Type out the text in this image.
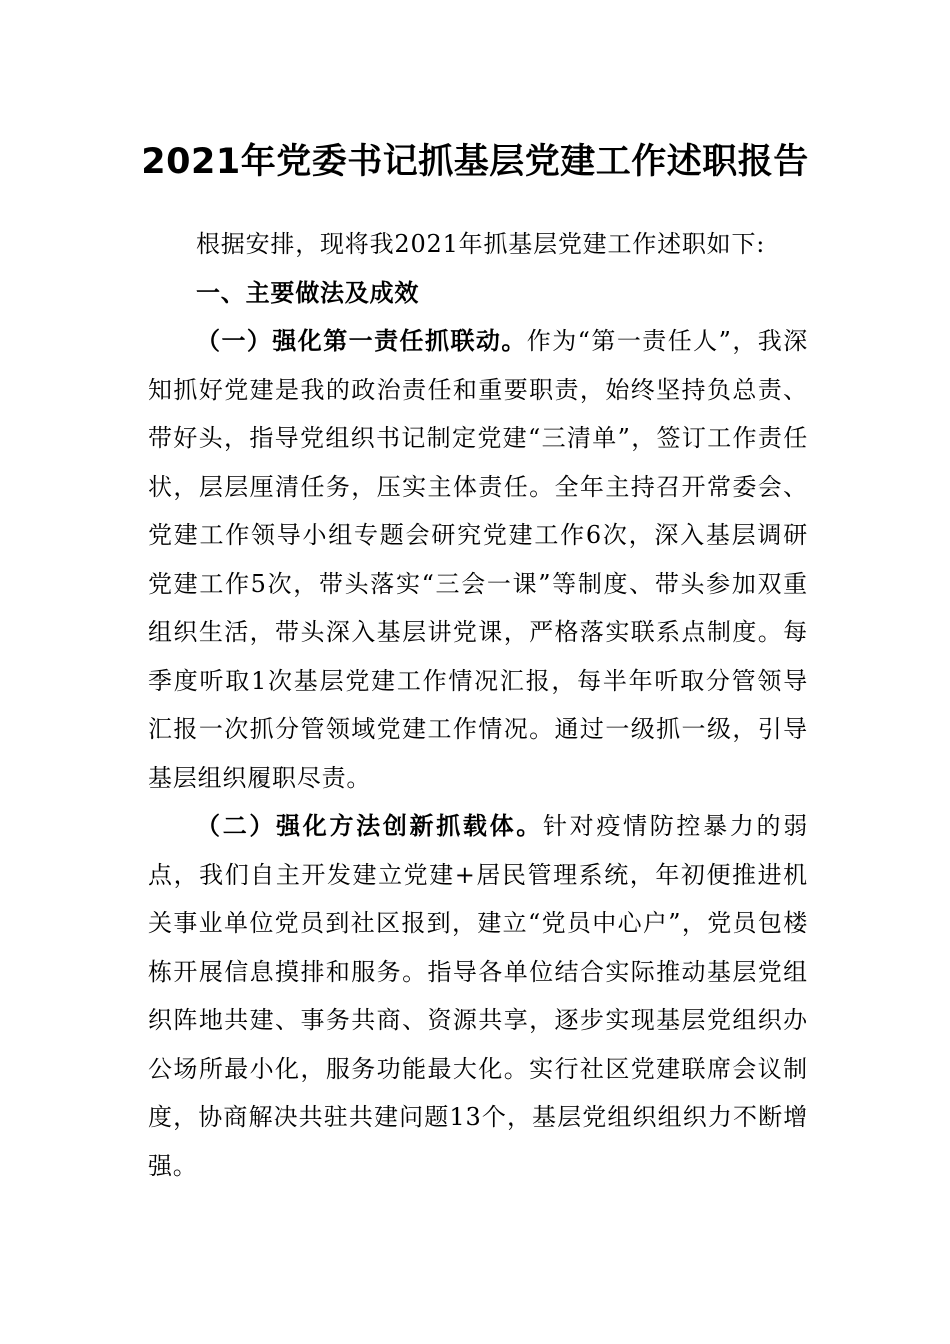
2021年党委书记抓基层党建工作述职报告

根据安排，现将我2021年抓基层党建工作述职如下:

一、主要做法及成效

（一）强化第一责任抓联动。作为“第一责任人”，我深知抓好党建是我的政治责任和重要职责，始终坚持负总责、带好头，指导党组织书记制定党建“三清单”，签订工作责任状，层层厘清任务，压实主体责任。全年主持召开常委会、党建工作领导小组专题会研究党建工作6次，深入基层调研党建工作5次，带头落实“三会一课”等制度、带头参加双重组织生活，带头深入基层讲党课，严格落实联系点制度。每季度听取1次基层党建工作情况汇报，每半年听取分管领导汇报一次抓分管领域党建工作情况。通过一级抓一级，引导基层组织履职尽责。

（二）强化方法创新抓载体。针对疫情防控暴力的弱点，我们自主开发建立党建+居民管理系统，年初便推进机关事业单位党员到社区报到，建立“党员中心户”，党员包楼栋开展信息摸排和服务。指导各单位结合实际推动基层党组织阵地共建、事务共商、资源共享，逐步实现基层党组织办公场所最小化，服务功能最大化。实行社区党建联席会议制度，协商解决共驻共建问题13个，基层党组织组织力不断增强。
